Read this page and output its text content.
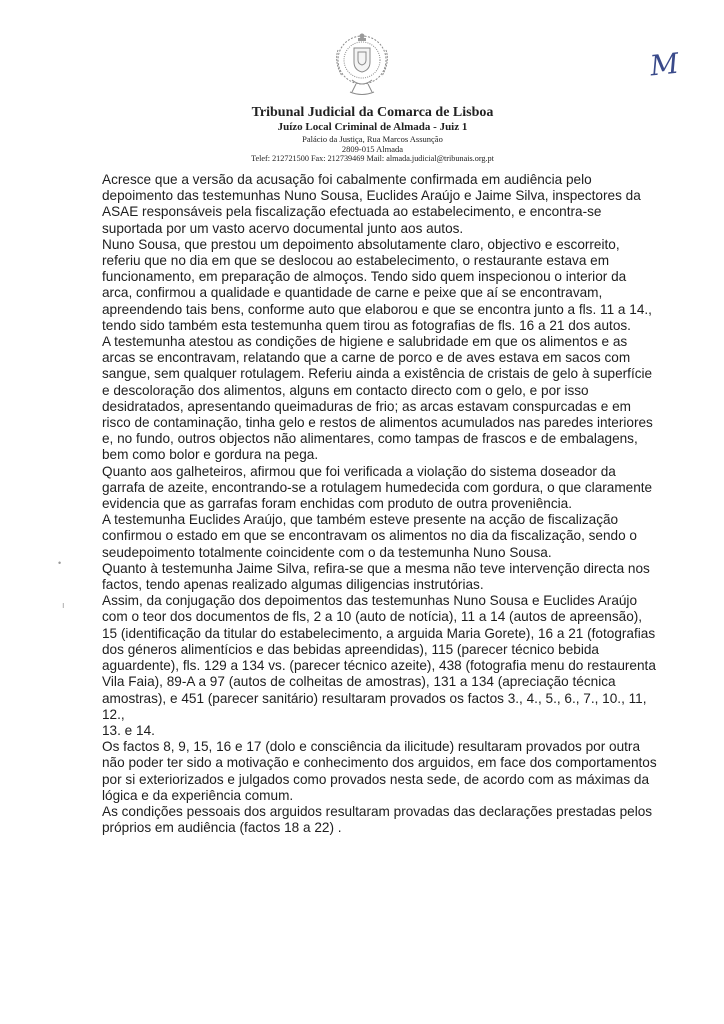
M
Tribunal Judicial da Comarca de Lisboa
Juízo Local Criminal de Almada - Juiz 1
Palácio da Justiça, Rua Marcos Assunção
2809-015 Almada
Telef: 212721500 Fax: 212739469 Mail: almada.judicial@tribunais.org.pt
•
ı

Acresce que a versão da acusação foi cabalmente confirmada em audiência pelo depoimento das testemunhas Nuno Sousa, Euclides Araújo e Jaime Silva, inspectores da ASAE responsáveis pela fiscalização efectuada ao estabelecimento, e encontra-se suportada por um vasto acervo documental junto aos autos.

Nuno Sousa, que prestou um depoimento absolutamente claro, objectivo e escorreito, referiu que no dia em que se deslocou ao estabelecimento, o restaurante estava em funcionamento, em preparação de almoços. Tendo sido quem inspecionou o interior da arca, confirmou a qualidade e quantidade de carne e peixe que aí se encontravam, apreendendo tais bens, conforme auto que elaborou e que se encontra junto a fls. 11 a 14., tendo sido também esta testemunha quem tirou as fotografias de fls. 16 a 21 dos autos.

A testemunha atestou as condições de higiene e salubridade em que os alimentos e as arcas se encontravam, relatando que a carne de porco e de aves estava em sacos com sangue, sem qualquer rotulagem. Referiu ainda a existência de cristais de gelo à superfície e descoloração dos alimentos, alguns em contacto directo com o gelo, e por isso desidratados, apresentando queimaduras de frio; as arcas estavam conspurcadas e em risco de contaminação, tinha gelo e restos de alimentos acumulados nas paredes interiores e, no fundo, outros objectos não alimentares, como tampas de frascos e de embalagens, bem como bolor e gordura na pega.

Quanto aos galheteiros, afirmou que foi verificada a violação do sistema doseador da garrafa de azeite, encontrando-se a rotulagem humedecida com gordura, o que claramente evidencia que as garrafas foram enchidas com produto de outra proveniência.

A testemunha Euclides Araújo, que também esteve presente na acção de fiscalização

confirmou o estado em que se encontravam os alimentos no dia da fiscalização, sendo o seudepoimento totalmente coincidente com o da testemunha Nuno Sousa.

Quanto à testemunha Jaime Silva, refira-se que a mesma não teve intervenção directa nos factos, tendo apenas realizado algumas diligencias instrutórias.

Assim, da conjugação dos depoimentos das testemunhas Nuno Sousa e Euclides Araújo com o teor dos documentos de fls, 2 a 10 (auto de notícia), 11 a 14 (autos de apreensão), 15 (identificação da titular do estabelecimento, a arguida Maria Gorete), 16 a 21 (fotografias dos géneros alimentícios e das bebidas apreendidas), 115 (parecer técnico bebida aguardente), fls. 129 a 134 vs. (parecer técnico azeite), 438 (fotografia menu do restaurenta Vila Faia), 89-A a 97 (autos de colheitas de amostras), 131 a 134 (apreciação técnica amostras), e 451 (parecer sanitário) resultaram provados os factos 3., 4., 5., 6., 7., 10., 11, 12.,

13. e 14.

Os factos 8, 9, 15, 16 e 17 (dolo e consciência da ilicitude) resultaram provados por outra não poder ter sido a motivação e conhecimento dos arguidos, em face dos comportamentos por si exteriorizados e julgados como provados nesta sede, de acordo com as máximas da lógica e da experiência comum.

As condições pessoais dos arguidos resultaram provadas das declarações prestadas pelos próprios em audiência (factos 18 a 22) .
